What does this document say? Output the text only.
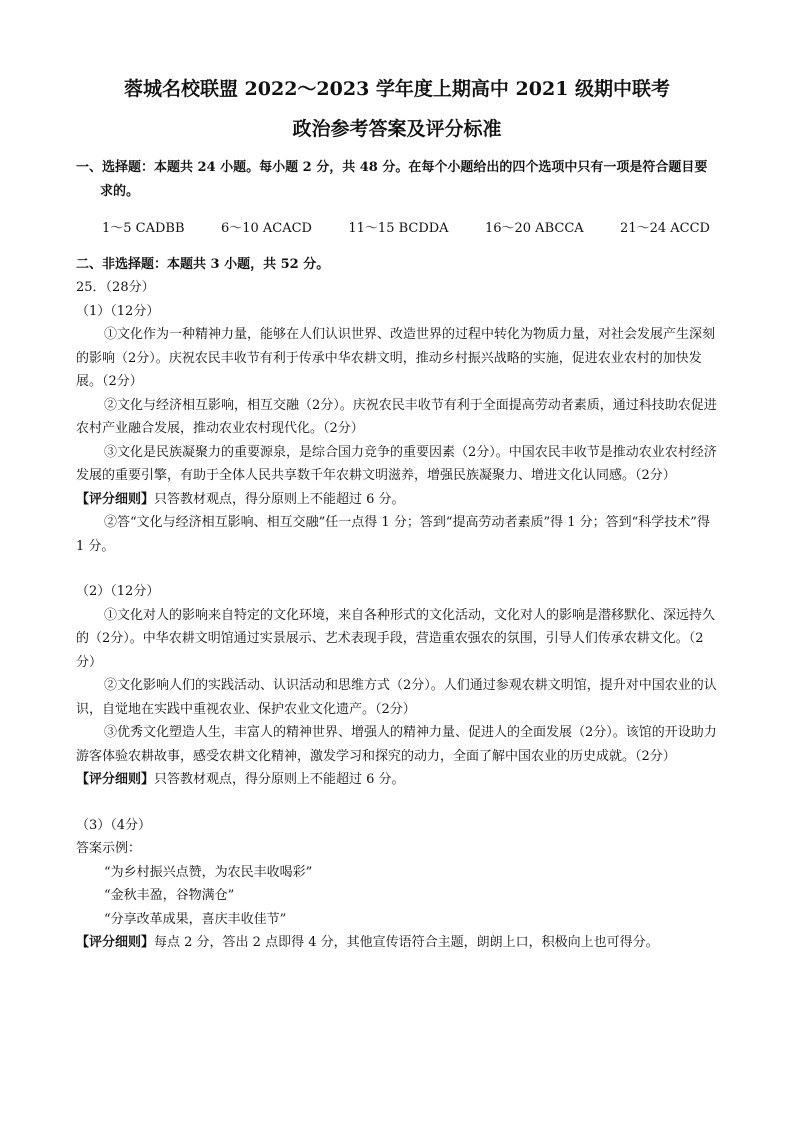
蓉城名校联盟 2022～2023 学年度上期高中 2021 级期中联考
政治参考答案及评分标准

一、选择题：本题共 24 小题。每小题 2 分，共 48 分。在每个小题给出的四个选项中只有一项是符合题目要求的。

1～5 CADBB	6～10 ACACD	11～15 BCDDA	16～20 ABCCA	21～24 ACCD

二、非选择题：本题共 3 小题，共 52 分。

25．（28分）

（1）（12分）

①文化作为一种精神力量，能够在人们认识世界、改造世界的过程中转化为物质力量，对社会发展产生深刻的影响（2分）。庆祝农民丰收节有利于传承中华农耕文明，推动乡村振兴战略的实施，促进农业农村的加快发展。（2分）

②文化与经济相互影响，相互交融（2分）。庆祝农民丰收节有利于全面提高劳动者素质，通过科技助农促进农村产业融合发展，推动农业农村现代化。（2分）

③文化是民族凝聚力的重要源泉，是综合国力竞争的重要因素（2分）。中国农民丰收节是推动农业农村经济发展的重要引擎，有助于全体人民共享数千年农耕文明滋养，增强民族凝聚力、增进文化认同感。（2分）

【评分细则】只答教材观点，得分原则上不能超过 6 分。

②答“文化与经济相互影响、相互交融”任一点得 1 分；答到“提高劳动者素质”得 1 分；答到“科学技术”得 1 分。

（2）（12分）

①文化对人的影响来自特定的文化环境，来自各种形式的文化活动，文化对人的影响是潜移默化、深远持久的（2分）。中华农耕文明馆通过实景展示、艺术表现手段，营造重农强农的氛围，引导人们传承农耕文化。（2分）

②文化影响人们的实践活动、认识活动和思维方式（2分）。人们通过参观农耕文明馆，提升对中国农业的认识，自觉地在实践中重视农业、保护农业文化遗产。（2分）

③优秀文化塑造人生，丰富人的精神世界、增强人的精神力量、促进人的全面发展（2分）。该馆的开设助力游客体验农耕故事，感受农耕文化精神，激发学习和探究的动力，全面了解中国农业的历史成就。（2分）

【评分细则】只答教材观点，得分原则上不能超过 6 分。

（3）（4分）

答案示例：

“为乡村振兴点赞，为农民丰收喝彩”

“金秋丰盈，谷物满仓”

“分享改革成果，喜庆丰收佳节”

【评分细则】每点 2 分，答出 2 点即得 4 分，其他宣传语符合主题，朗朗上口，积极向上也可得分。
